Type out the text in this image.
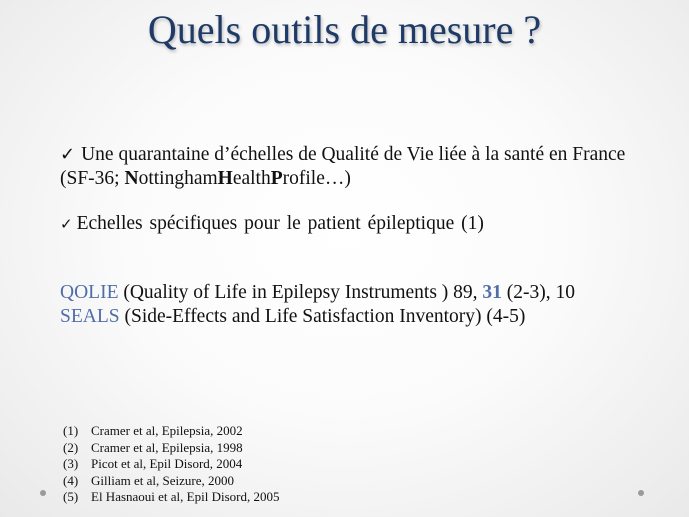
Quels outils de mesure ?
✓ Une quarantaine d’échelles de Qualité de Vie liée à la santé en France (SF-36; NottinghamHealthProfile…)
✓ Echelles spécifiques pour le patient épileptique (1)
QOLIE (Quality of Life in Epilepsy Instruments ) 89, 31 (2-3), 10
SEALS (Side-Effects and Life Satisfaction Inventory) (4-5)
(1) Cramer et al, Epilepsia, 2002
(2) Cramer et al, Epilepsia, 1998
(3) Picot et al, Epil Disord, 2004
(4) Gilliam et al, Seizure, 2000
(5) El Hasnaoui et al, Epil Disord, 2005
